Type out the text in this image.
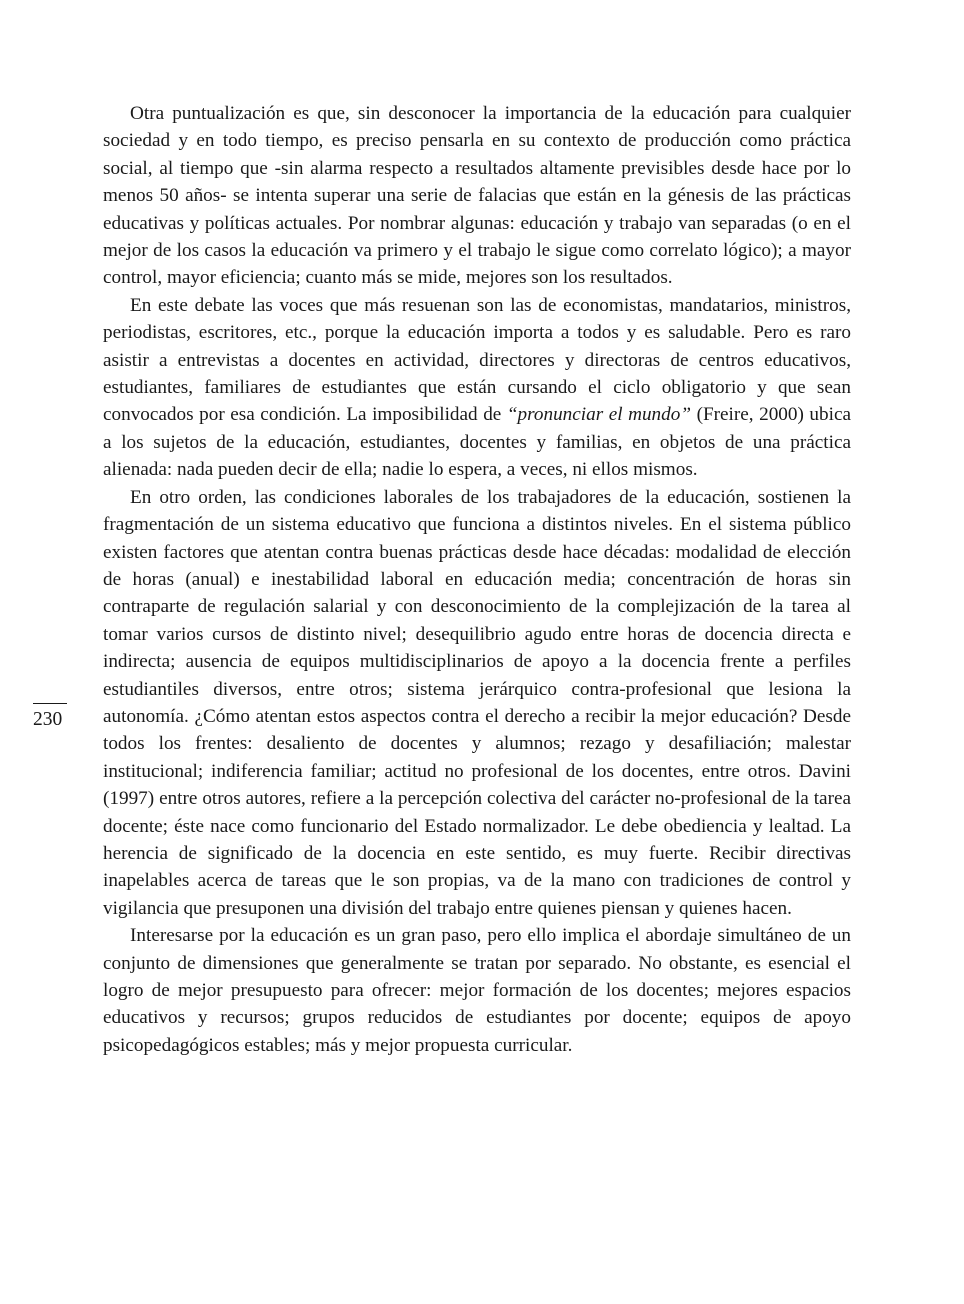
Otra puntualización es que, sin desconocer la importancia de la educación para cualquier sociedad y en todo tiempo, es preciso pensarla en su contexto de producción como práctica social, al tiempo que -sin alarma respecto a resultados altamente previsibles desde hace por lo menos 50 años- se intenta superar una serie de falacias que están en la génesis de las prácticas educativas y políticas actuales. Por nombrar algunas: educación y trabajo van separadas (o en el mejor de los casos la educación va primero y el trabajo le sigue como correlato lógico); a mayor control, mayor eficiencia; cuanto más se mide, mejores son los resultados.

En este debate las voces que más resuenan son las de economistas, mandatarios, ministros, periodistas, escritores, etc., porque la educación importa a todos y es saludable. Pero es raro asistir a entrevistas a docentes en actividad, directores y directoras de centros educativos, estudiantes, familiares de estudiantes que están cursando el ciclo obligatorio y que sean convocados por esa condición. La imposibilidad de “pronunciar el mundo” (Freire, 2000) ubica a los sujetos de la educación, estudiantes, docentes y familias, en objetos de una práctica alienada: nada pueden decir de ella; nadie lo espera, a veces, ni ellos mismos.

En otro orden, las condiciones laborales de los trabajadores de la educación, sostienen la fragmentación de un sistema educativo que funciona a distintos niveles. En el sistema público existen factores que atentan contra buenas prácticas desde hace décadas: modalidad de elección de horas (anual) e inestabilidad laboral en educación media; concentración de horas sin contraparte de regulación salarial y con desconocimiento de la complejización de la tarea al tomar varios cursos de distinto nivel; desequilibrio agudo entre horas de docencia directa e indirecta; ausencia de equipos multidisciplinarios de apoyo a la docencia frente a perfiles estudiantiles diversos, entre otros; sistema jerárquico contra-profesional que lesiona la autonomía. ¿Cómo atentan estos aspectos contra el derecho a recibir la mejor educación? Desde todos los frentes: desaliento de docentes y alumnos; rezago y desafiliación; malestar institucional; indiferencia familiar; actitud no profesional de los docentes, entre otros. Davini (1997) entre otros autores, refiere a la percepción colectiva del carácter no-profesional de la tarea docente; éste nace como funcionario del Estado normalizador. Le debe obediencia y lealtad. La herencia de significado de la docencia en este sentido, es muy fuerte. Recibir directivas inapelables acerca de tareas que le son propias, va de la mano con tradiciones de control y vigilancia que presuponen una división del trabajo entre quienes piensan y quienes hacen.

Interesarse por la educación es un gran paso, pero ello implica el abordaje simultáneo de un conjunto de dimensiones que generalmente se tratan por separado. No obstante, es esencial el logro de mejor presupuesto para ofrecer: mejor formación de los docentes; mejores espacios educativos y recursos; grupos reducidos de estudiantes por docente; equipos de apoyo psicopedagógicos estables; más y mejor propuesta curricular.

230
